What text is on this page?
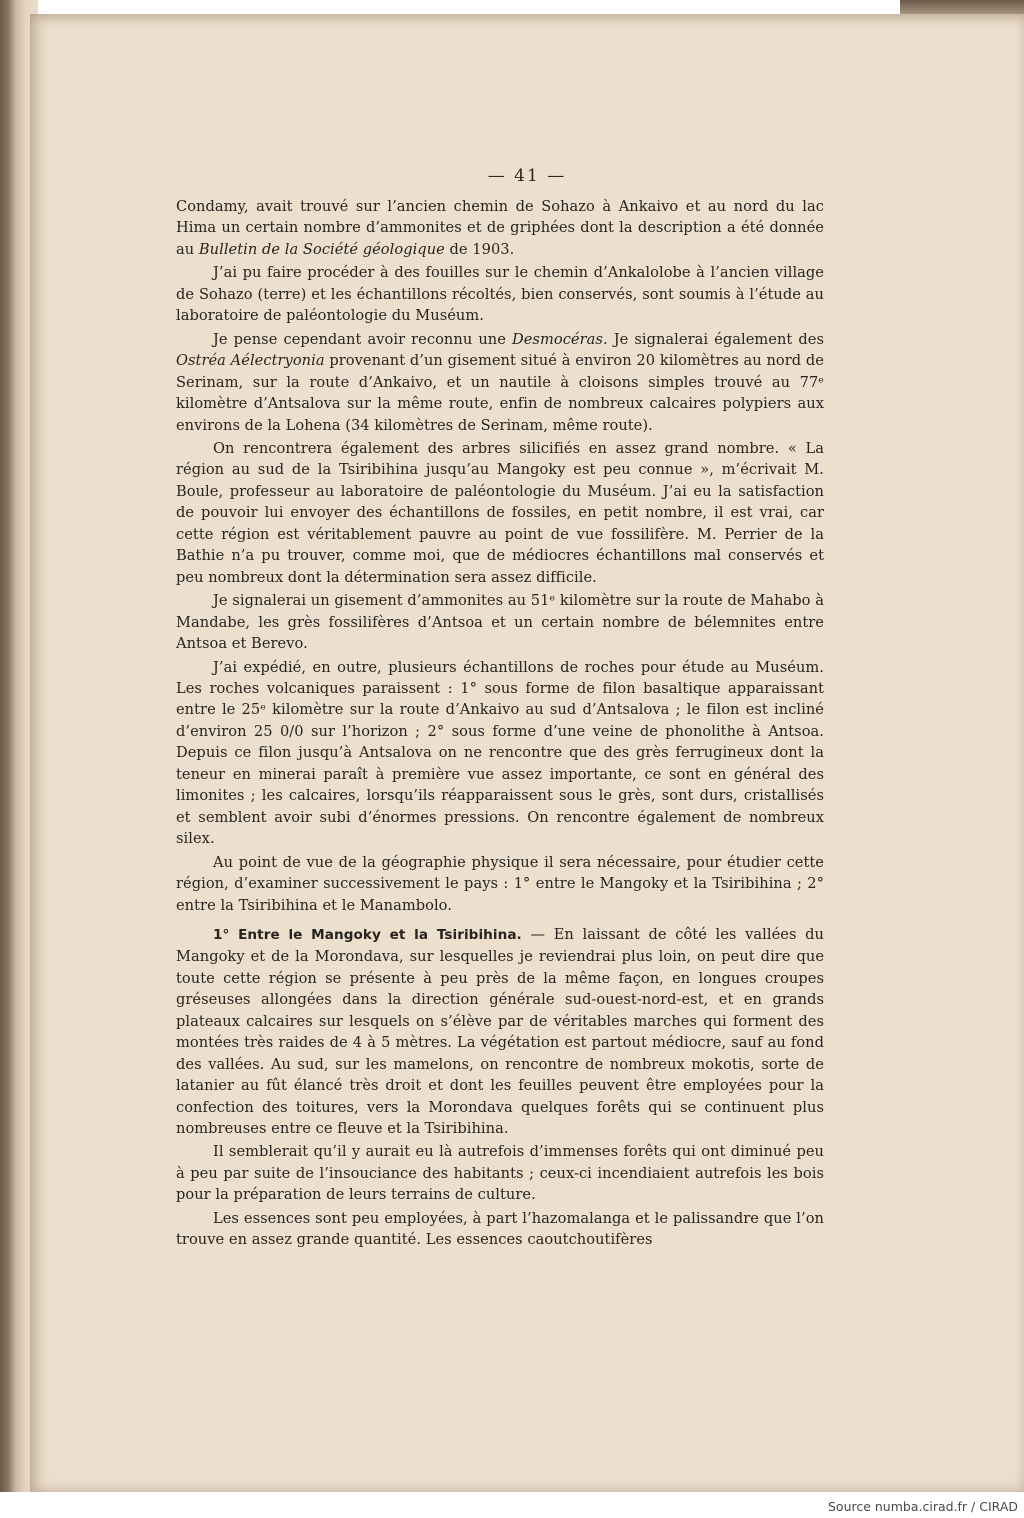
— 41 —

Condamy, avait trouvé sur l’ancien chemin de Sohazo à Ankaivo et au nord du lac Hima un certain nombre d’ammonites et de griphées dont la description a été donnée au Bulletin de la Société géologique de 1903.

J’ai pu faire procéder à des fouilles sur le chemin d’Ankalolobe à l’ancien village de Sohazo (terre) et les échantillons récoltés, bien conservés, sont soumis à l’étude au laboratoire de paléontologie du Muséum.

Je pense cependant avoir reconnu une Desmocéras. Je signalerai également des Ostréa Aélectryonia provenant d’un gisement situé à environ 20 kilomètres au nord de Serinam, sur la route d’Ankaivo, et un nautile à cloisons simples trouvé au 77ᵉ kilomètre d’Antsalova sur la même route, enfin de nombreux calcaires polypiers aux environs de la Lohena (34 kilomètres de Serinam, même route).

On rencontrera également des arbres silicifiés en assez grand nombre. « La région au sud de la Tsiribihina jusqu’au Mangoky est peu connue », m’écrivait M. Boule, professeur au laboratoire de paléontologie du Muséum. J’ai eu la satisfaction de pouvoir lui envoyer des échantillons de fossiles, en petit nombre, il est vrai, car cette région est véritablement pauvre au point de vue fossilifère. M. Perrier de la Bathie n’a pu trouver, comme moi, que de médiocres échantillons mal conservés et peu nombreux dont la détermination sera assez difficile.

Je signalerai un gisement d’ammonites au 51ᵉ kilomètre sur la route de Mahabo à Mandabe, les grès fossilifères d’Antsoa et un certain nombre de bélemnites entre Antsoa et Berevo.

J’ai expédié, en outre, plusieurs échantillons de roches pour étude au Muséum. Les roches volcaniques paraissent : 1° sous forme de filon basaltique apparaissant entre le 25ᵉ kilomètre sur la route d’Ankaivo au sud d’Antsalova ; le filon est incliné d’environ 25 0/0 sur l’horizon ; 2° sous forme d’une veine de phonolithe à Antsoa. Depuis ce filon jusqu’à Antsalova on ne rencontre que des grès ferrugineux dont la teneur en minerai paraît à première vue assez importante, ce sont en général des limonites ; les calcaires, lorsqu’ils réapparaissent sous le grès, sont durs, cristallisés et semblent avoir subi d’énormes pressions. On rencontre également de nombreux silex.

Au point de vue de la géographie physique il sera nécessaire, pour étudier cette région, d’examiner successivement le pays : 1° entre le Mangoky et la Tsiribihina ; 2° entre la Tsiribihina et le Manambolo.

1° Entre le Mangoky et la Tsiribihina. — En laissant de côté les vallées du Mangoky et de la Morondava, sur lesquelles je reviendrai plus loin, on peut dire que toute cette région se présente à peu près de la même façon, en longues croupes gréseuses allongées dans la direction générale sud-ouest-nord-est, et en grands plateaux calcaires sur lesquels on s’élève par de véritables marches qui forment des montées très raides de 4 à 5 mètres. La végétation est partout médiocre, sauf au fond des vallées. Au sud, sur les mamelons, on rencontre de nombreux mokotis, sorte de latanier au fût élancé très droit et dont les feuilles peuvent être employées pour la confection des toitures, vers la Morondava quelques forêts qui se continuent plus nombreuses entre ce fleuve et la Tsiribihina.

Il semblerait qu’il y aurait eu là autrefois d’immenses forêts qui ont diminué peu à peu par suite de l’insouciance des habitants ; ceux-ci incendiaient autrefois les bois pour la préparation de leurs terrains de culture.

Les essences sont peu employées, à part l’hazomalanga et le palissandre que l’on trouve en assez grande quantité. Les essences caoutchoutifères

Source numba.cirad.fr / CIRAD
